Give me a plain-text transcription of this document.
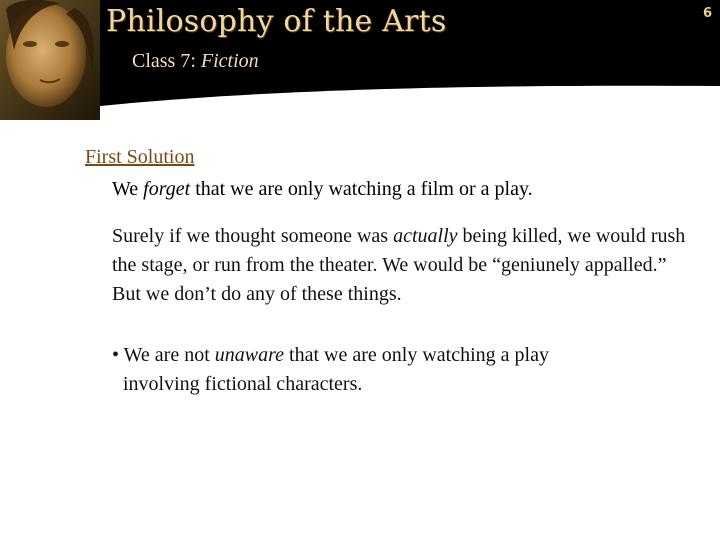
Philosophy of the Arts
Class 7: Fiction
6
First Solution
We forget that we are only watching a film or a play.
Surely if we thought someone was actually being killed, we would rush the stage, or run from the theater. We would be “geniunely appalled.” But we don’t do any of these things.
• We are not unaware that we are only watching a play
involving fictional characters.
